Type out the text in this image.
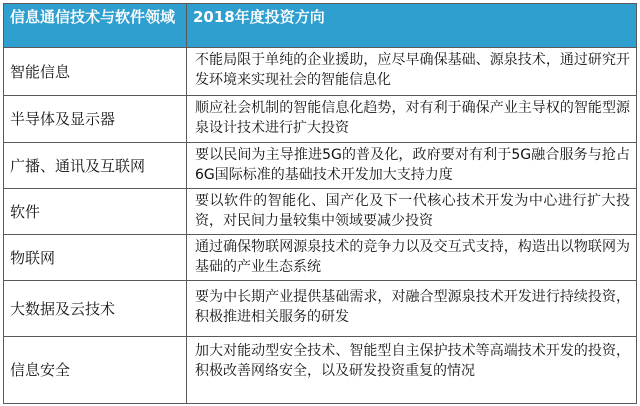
信息通信技术与软件领域	2018年度投资方向
智能信息	不能局限于单纯的企业援助，应尽早确保基础、源泉技术，通过研究开发环境来实现社会的智能信息化
半导体及显示器	顺应社会机制的智能信息化趋势，对有利于确保产业主导权的智能型源泉设计技术进行扩大投资
广播、通讯及互联网	要以民间为主导推进5G的普及化，政府要对有利于5G融合服务与抢占6G国际标准的基础技术开发加大支持力度
软件	要以软件的智能化、国产化及下一代核心技术开发为中心进行扩大投资，对民间力量较集中领域要减少投资
物联网	通过确保物联网源泉技术的竞争力以及交互式支持，构造出以物联网为基础的产业生态系统
大数据及云技术	要为中长期产业提供基础需求，对融合型源泉技术开发进行持续投资，积极推进相关服务的研发
信息安全	加大对能动型安全技术、智能型自主保护技术等高端技术开发的投资，积极改善网络安全，以及研发投资重复的情况
